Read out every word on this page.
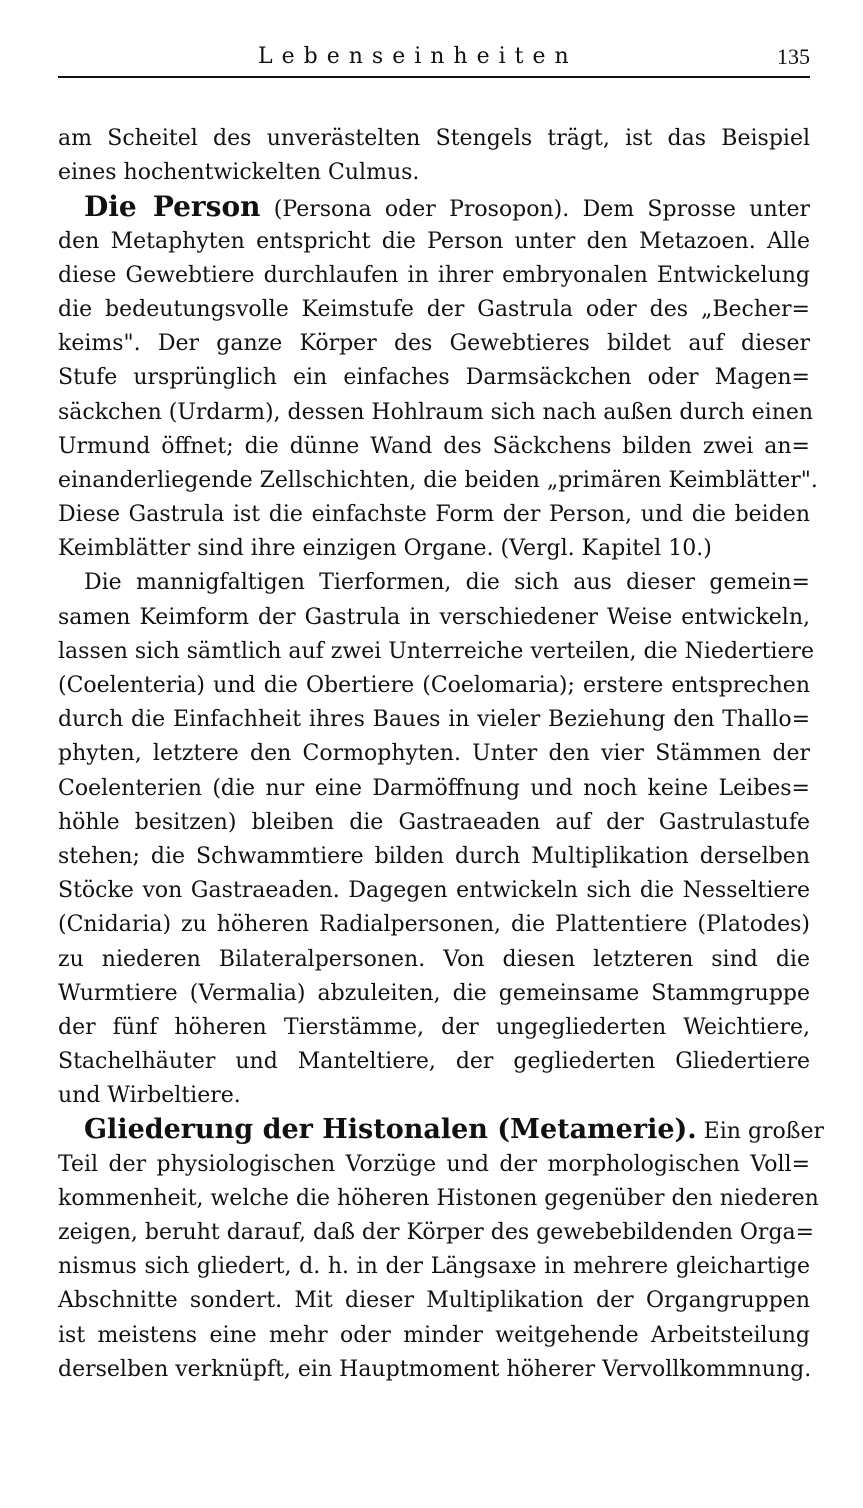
Lebenseinheiten	135
am Scheitel des unverästelten Stengels trägt, ist das Beispiel
eines hochentwickelten Culmus.
Die Person (Persona oder Prosopon). Dem Sprosse unter
den Metaphyten entspricht die Person unter den Metazoen. Alle
diese Gewebtiere durchlaufen in ihrer embryonalen Entwickelung
die bedeutungsvolle Keimstufe der Gastrula oder des „Becher=
keims". Der ganze Körper des Gewebtieres bildet auf dieser
Stufe ursprünglich ein einfaches Darmsäckchen oder Magen=
säckchen (Urdarm), dessen Hohlraum sich nach außen durch einen
Urmund öffnet; die dünne Wand des Säckchens bilden zwei an=
einanderliegende Zellschichten, die beiden „primären Keimblätter".
Diese Gastrula ist die einfachste Form der Person, und die beiden
Keimblätter sind ihre einzigen Organe. (Vergl. Kapitel 10.)
Die mannigfaltigen Tierformen, die sich aus dieser gemein=
samen Keimform der Gastrula in verschiedener Weise entwickeln,
lassen sich sämtlich auf zwei Unterreiche verteilen, die Niedertiere
(Coelenteria) und die Obertiere (Coelomaria); erstere entsprechen
durch die Einfachheit ihres Baues in vieler Beziehung den Thallo=
phyten, letztere den Cormophyten. Unter den vier Stämmen der
Coelenterien (die nur eine Darmöffnung und noch keine Leibes=
höhle besitzen) bleiben die Gastraeaden auf der Gastrulastufe
stehen; die Schwammtiere bilden durch Multiplikation derselben
Stöcke von Gastraeaden. Dagegen entwickeln sich die Nesseltiere
(Cnidaria) zu höheren Radialpersonen, die Plattentiere (Platodes)
zu niederen Bilateralpersonen. Von diesen letzteren sind die
Wurmtiere (Vermalia) abzuleiten, die gemeinsame Stammgruppe
der fünf höheren Tierstämme, der ungegliederten Weichtiere,
Stachelhäuter und Manteltiere, der gegliederten Gliedertiere
und Wirbeltiere.
Gliederung der Histonalen (Metamerie). Ein großer
Teil der physiologischen Vorzüge und der morphologischen Voll=
kommenheit, welche die höheren Histonen gegenüber den niederen
zeigen, beruht darauf, daß der Körper des gewebebildenden Orga=
nismus sich gliedert, d. h. in der Längsaxe in mehrere gleichartige
Abschnitte sondert. Mit dieser Multiplikation der Organgruppen
ist meistens eine mehr oder minder weitgehende Arbeitsteilung
derselben verknüpft, ein Hauptmoment höherer Vervollkommnung.
